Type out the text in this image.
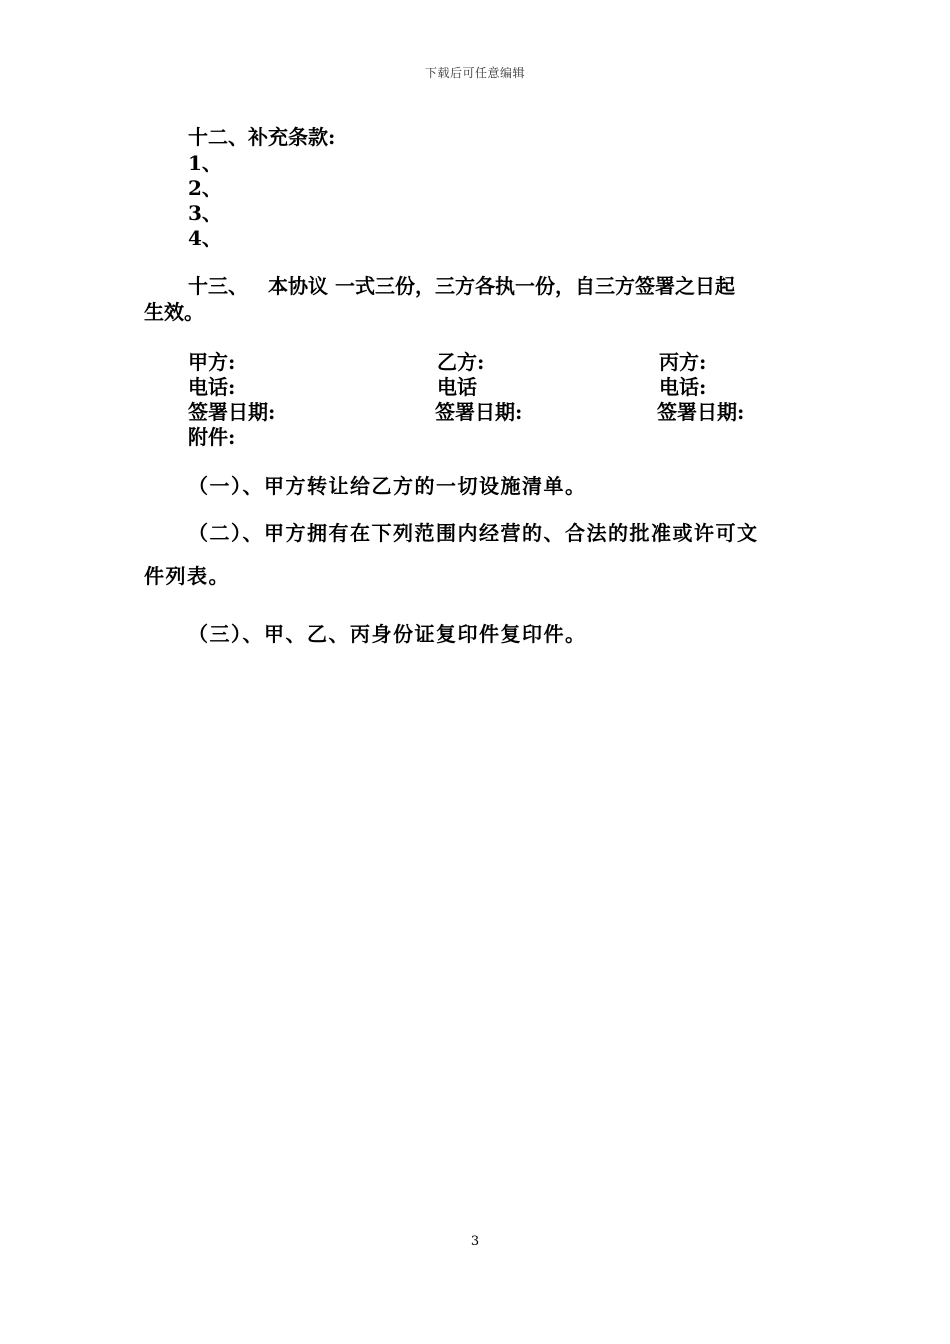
下载后可任意编辑
十二、补充条款:
1、
2、
3、
4、
十三、 本协议 一式三份，三方各执一份，自三方签署之日起
生效。
甲方:
电话:
签署日期:
乙方:
电话
签署日期:
丙方:
电话:
签署日期:
附件:
（一）、甲方转让给乙方的一切设施清单。
（二）、甲方拥有在下列范围内经营的、合法的批准或许可文
件列表。
（三）、甲、乙、丙身份证复印件复印件。
3
